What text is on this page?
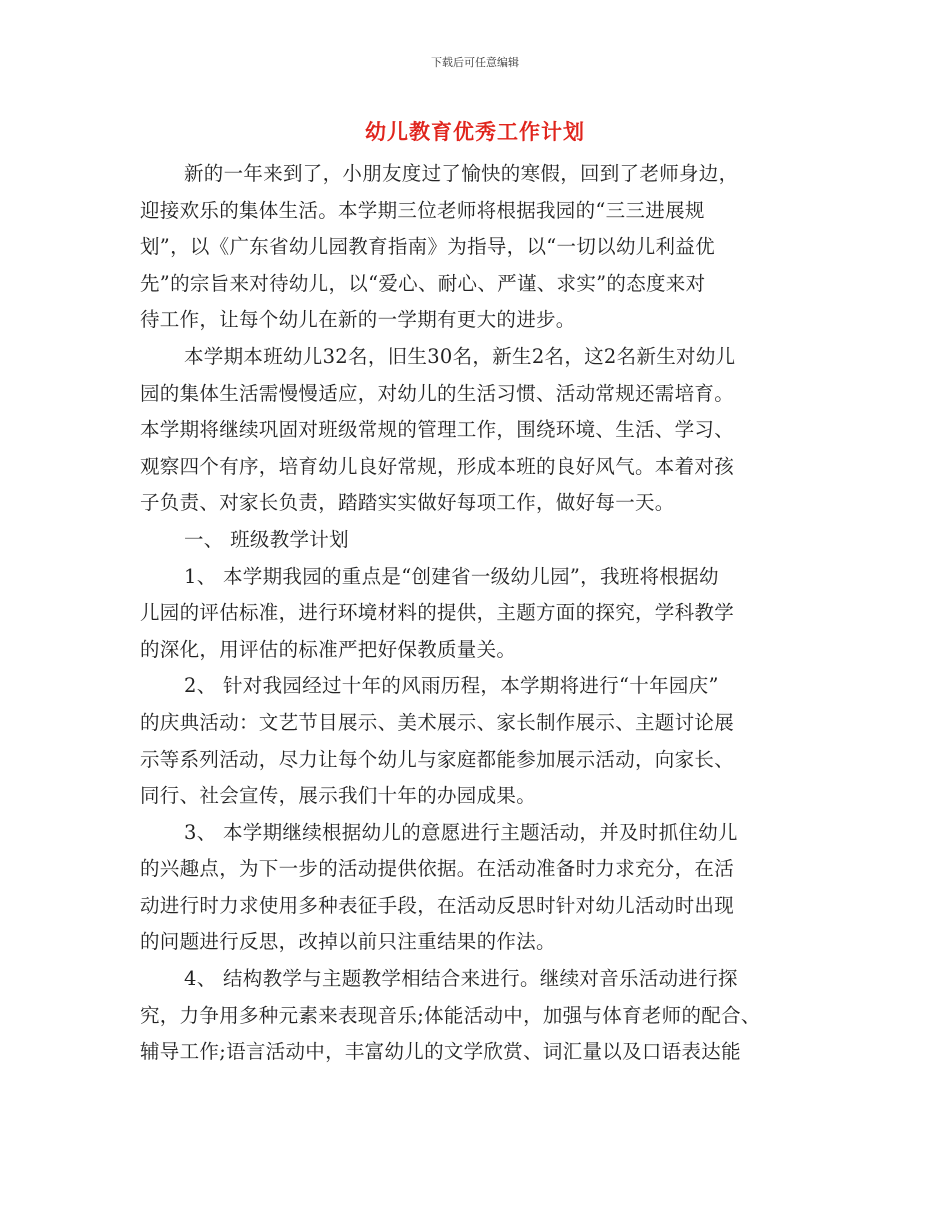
下载后可任意编辑
幼儿教育优秀工作计划
新的一年来到了，小朋友度过了愉快的寒假，回到了老师身边，
迎接欢乐的集体生活。本学期三位老师将根据我园的“三三进展规
划”，以《广东省幼儿园教育指南》为指导，以“一切以幼儿利益优
先”的宗旨来对待幼儿，以“爱心、耐心、严谨、求实”的态度来对
待工作，让每个幼儿在新的一学期有更大的进步。
本学期本班幼儿32名，旧生30名，新生2名，这2名新生对幼儿
园的集体生活需慢慢适应，对幼儿的生活习惯、活动常规还需培育。
本学期将继续巩固对班级常规的管理工作，围绕环境、生活、学习、
观察四个有序，培育幼儿良好常规，形成本班的良好风气。本着对孩
子负责、对家长负责，踏踏实实做好每项工作，做好每一天。
一、 班级教学计划
1、 本学期我园的重点是“创建省一级幼儿园”，我班将根据幼
儿园的评估标准，进行环境材料的提供，主题方面的探究，学科教学
的深化，用评估的标准严把好保教质量关。
2、 针对我园经过十年的风雨历程，本学期将进行“十年园庆”
的庆典活动：文艺节目展示、美术展示、家长制作展示、主题讨论展
示等系列活动，尽力让每个幼儿与家庭都能参加展示活动，向家长、
同行、社会宣传，展示我们十年的办园成果。
3、 本学期继续根据幼儿的意愿进行主题活动，并及时抓住幼儿
的兴趣点，为下一步的活动提供依据。在活动准备时力求充分，在活
动进行时力求使用多种表征手段，在活动反思时针对幼儿活动时出现
的问题进行反思，改掉以前只注重结果的作法。
4、 结构教学与主题教学相结合来进行。继续对音乐活动进行探
究，力争用多种元素来表现音乐;体能活动中，加强与体育老师的配合、
辅导工作;语言活动中，丰富幼儿的文学欣赏、词汇量以及口语表达能
